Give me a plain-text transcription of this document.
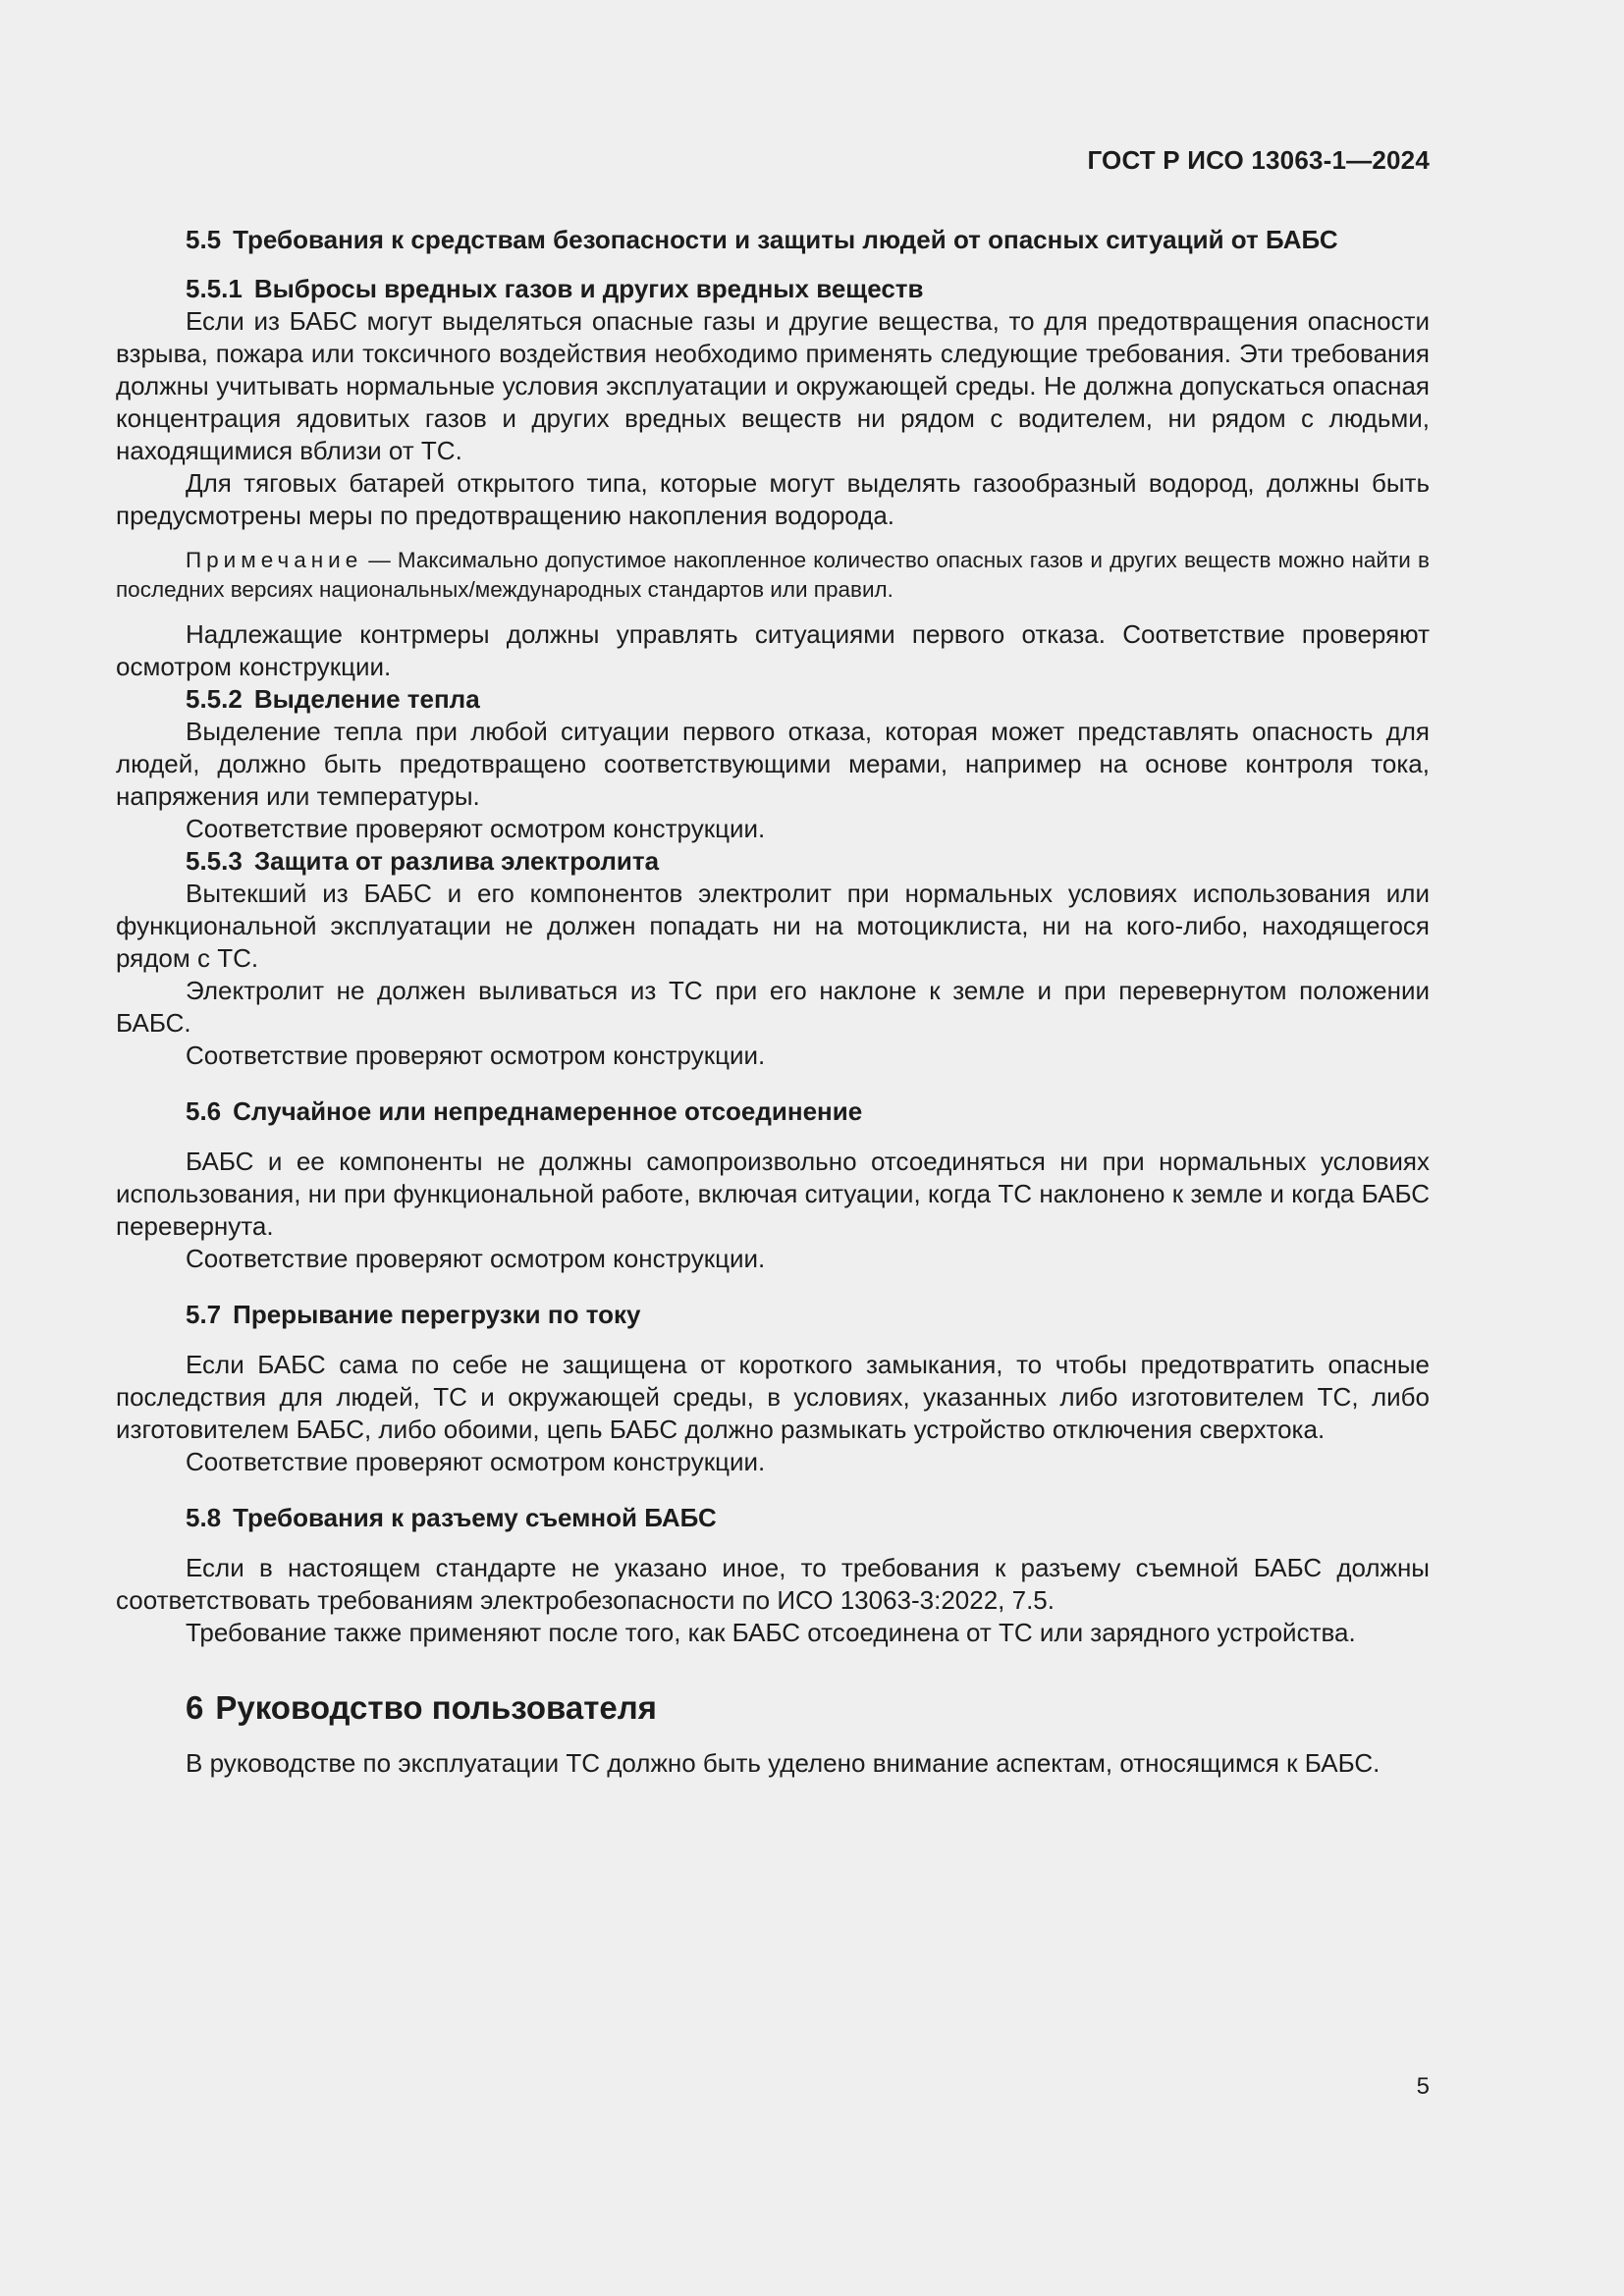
ГОСТ Р ИСО 13063-1—2024
5.5 Требования к средствам безопасности и защиты людей от опасных ситуаций от БАБС
5.5.1 Выбросы вредных газов и других вредных веществ

Если из БАБС могут выделяться опасные газы и другие вещества, то для предотвращения опасности взрыва, пожара или токсичного воздействия необходимо применять следующие требования. Эти требования должны учитывать нормальные условия эксплуатации и окружающей среды. Не должна допускаться опасная концентрация ядовитых газов и других вредных веществ ни рядом с водителем, ни рядом с людьми, находящимися вблизи от ТС.

Для тяговых батарей открытого типа, которые могут выделять газообразный водород, должны быть предусмотрены меры по предотвращению накопления водорода.

Примечание — Максимально допустимое накопленное количество опасных газов и других веществ можно найти в последних версиях национальных/международных стандартов или правил.

Надлежащие контрмеры должны управлять ситуациями первого отказа. Соответствие проверяют осмотром конструкции.

5.5.2 Выделение тепла

Выделение тепла при любой ситуации первого отказа, которая может представлять опасность для людей, должно быть предотвращено соответствующими мерами, например на основе контроля тока, напряжения или температуры.

Соответствие проверяют осмотром конструкции.

5.5.3 Защита от разлива электролита

Вытекший из БАБС и его компонентов электролит при нормальных условиях использования или функциональной эксплуатации не должен попадать ни на мотоциклиста, ни на кого-либо, находящегося рядом с ТС.

Электролит не должен выливаться из ТС при его наклоне к земле и при перевернутом положении БАБС.

Соответствие проверяют осмотром конструкции.

5.6 Случайное или непреднамеренное отсоединение

БАБС и ее компоненты не должны самопроизвольно отсоединяться ни при нормальных условиях использования, ни при функциональной работе, включая ситуации, когда ТС наклонено к земле и когда БАБС перевернута.

Соответствие проверяют осмотром конструкции.

5.7 Прерывание перегрузки по току

Если БАБС сама по себе не защищена от короткого замыкания, то чтобы предотвратить опасные последствия для людей, ТС и окружающей среды, в условиях, указанных либо изготовителем ТС, либо изготовителем БАБС, либо обоими, цепь БАБС должно размыкать устройство отключения сверхтока.

Соответствие проверяют осмотром конструкции.

5.8 Требования к разъему съемной БАБС

Если в настоящем стандарте не указано иное, то требования к разъему съемной БАБС должны соответствовать требованиям электробезопасности по ИСО 13063-3:2022, 7.5.

Требование также применяют после того, как БАБС отсоединена от ТС или зарядного устройства.

6 Руководство пользователя

В руководстве по эксплуатации ТС должно быть уделено внимание аспектам, относящимся к БАБС.

5
